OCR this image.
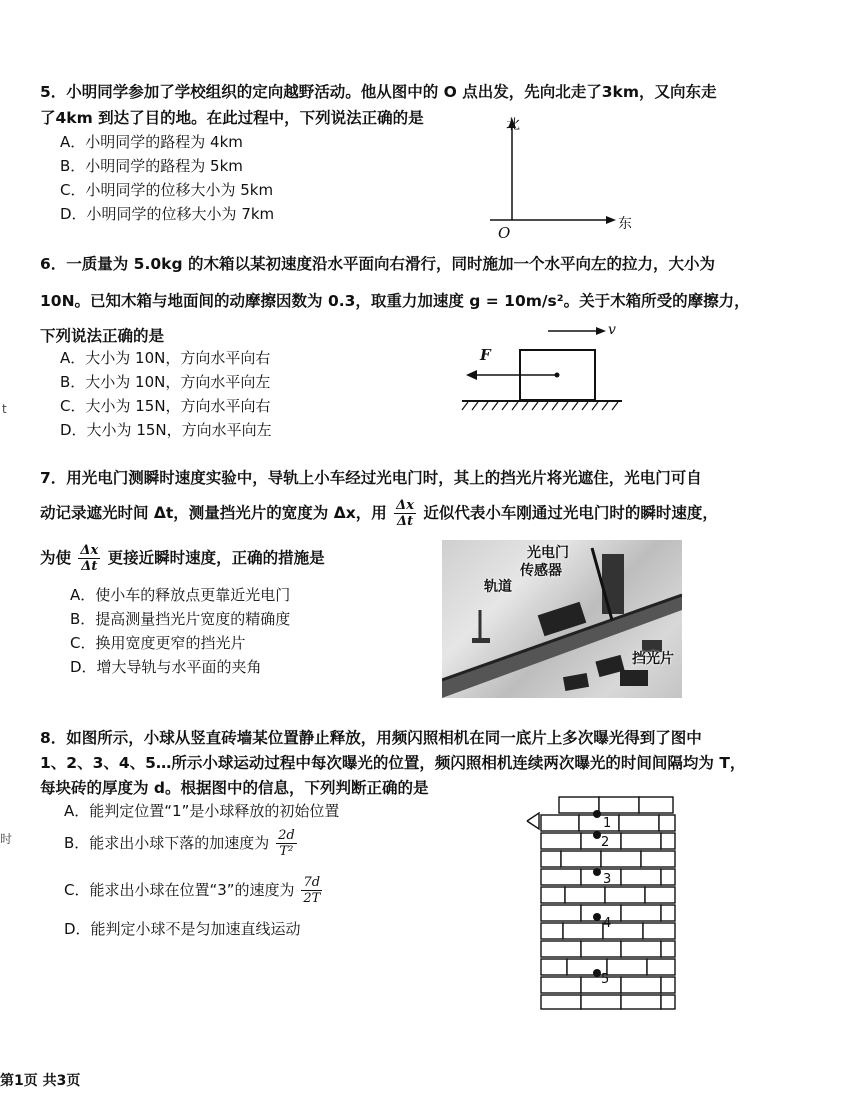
5．小明同学参加了学校组织的定向越野活动。他从图中的 O 点出发，先向北走了3km，又向东走
了4km 到达了目的地。在此过程中，下列说法正确的是
A．小明同学的路程为 4km
B．小明同学的路程为 5km
C．小明同学的位移大小为 5km
D．小明同学的位移大小为 7km
北
东
O
6．一质量为 5.0kg 的木箱以某初速度沿水平面向右滑行，同时施加一个水平向左的拉力，大小为
10N。已知木箱与地面间的动摩擦因数为 0.3，取重力加速度 g = 10m/s²。关于木箱所受的摩擦力，
下列说法正确的是
A．大小为 10N，方向水平向右
B．大小为 10N，方向水平向左
C．大小为 15N，方向水平向右
D．大小为 15N，方向水平向左
F
v
7．用光电门测瞬时速度实验中，导轨上小车经过光电门时，其上的挡光片将光遮住，光电门可自
动记录遮光时间 Δt，测量挡光片的宽度为 Δx，用 $\frac{\Delta x}{\Delta t}$ 近似代表小车刚通过光电门时的瞬时速度，
为使 $\frac{\Delta x}{\Delta t}$ 更接近瞬时速度，正确的措施是
A．使小车的释放点更靠近光电门
B．提高测量挡光片宽度的精确度
C．换用宽度更窄的挡光片
D．增大导轨与水平面的夹角
光电门
传感器
轨道
挡光片
8．如图所示，小球从竖直砖墙某位置静止释放，用频闪照相机在同一底片上多次曝光得到了图中
1、2、3、4、5…所示小球运动过程中每次曝光的位置，频闪照相机连续两次曝光的时间间隔均为 T，
每块砖的厚度为 d。根据图中的信息，下列判断正确的是
A．能判定位置“1”是小球释放的初始位置
B．能求出小球下落的加速度为 $\frac{2d}{\text{T²}}$
C．能求出小球在位置“3”的速度为 $\frac{7d}{2T}$
D．能判定小球不是匀加速直线运动
1
2
3
4
5
t
时
第1页 共3页
